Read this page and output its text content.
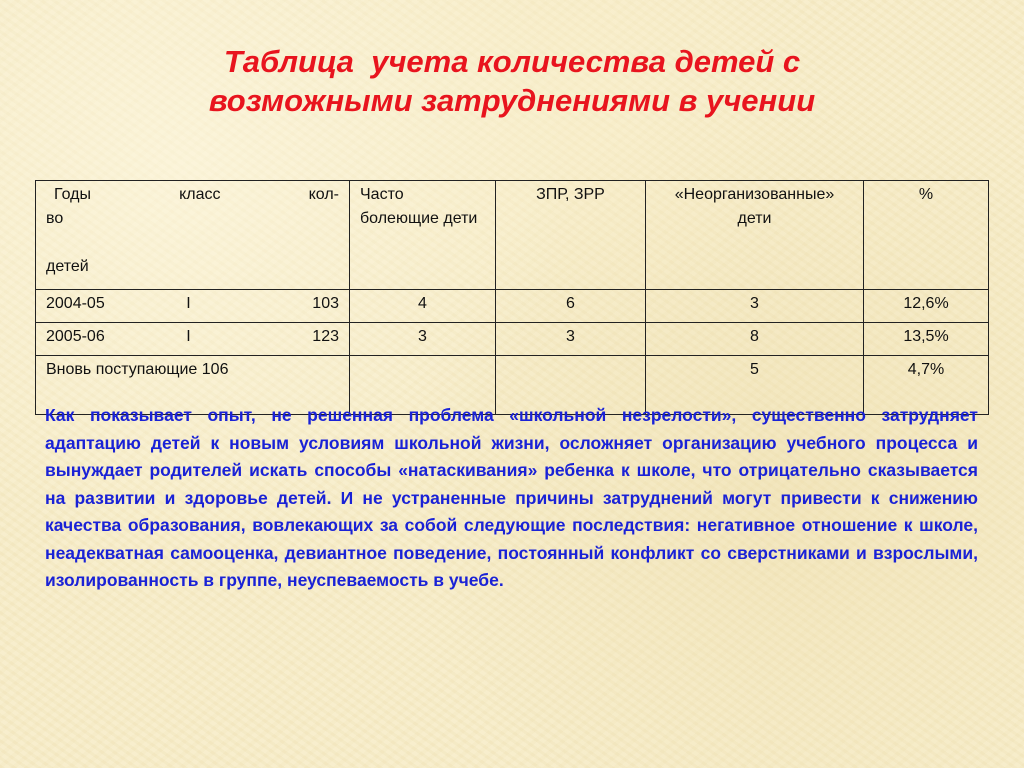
Таблица  учета количества детей с
возможными затруднениями в учении
Годы класс кол-
во
детей	Часто болеющие дети	ЗПР, ЗРР	«Неорганизованные» дети	%

2004-05 I 103	4	6	3	12,6%

2005-06 I 123	3	3	8	13,5%
Вновь поступающие 106			5	4,7%

Как показывает опыт, не решенная проблема «школьной незрелости», существенно затрудняет адаптацию детей к новым условиям школьной жизни, осложняет организацию учебного процесса и вынуждает родителей искать способы «натаскивания» ребенка к школе, что отрицательно сказывается на развитии и здоровье детей. И не устраненные причины затруднений могут привести к снижению качества образования, вовлекающих за собой следующие последствия: негативное отношение к школе, неадекватная самооценка, девиантное поведение, постоянный конфликт со сверстниками и взрослыми, изолированность в группе, неуспеваемость в учебе.
